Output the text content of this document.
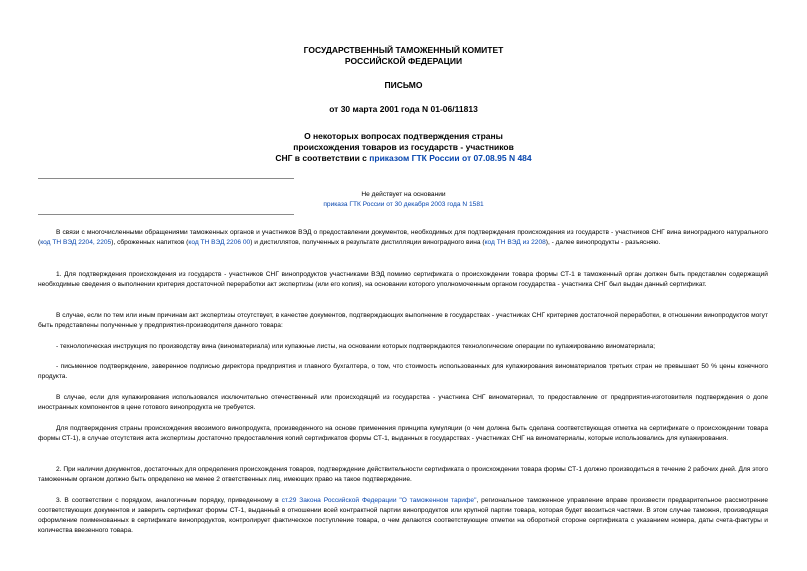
ГОСУДАРСТВЕННЫЙ ТАМОЖЕННЫЙ КОМИТЕТ
РОССИЙСКОЙ ФЕДЕРАЦИИ
ПИСЬМО
от 30 марта 2001 года N 01-06/11813
О некоторых вопросах подтверждения страны
происхождения товаров из государств - участников
СНГ в соответствии с приказом ГТК России от 07.08.95 N 484
Не действует на основании
приказа ГТК России от 30 декабря 2003 года N 1581

В связи с многочисленными обращениями таможенных органов и участников ВЭД о предоставлении документов, необходимых для подтверждения происхождения из государств - участников СНГ вина виноградного натурального (код ТН ВЭД 2204, 2205), сброженных напитков (код ТН ВЭД 2206 00) и дистиллятов, полученных в результате дистилляции виноградного вина (код ТН ВЭД из 2208), - далее винопродукты - разъясняю.

1. Для подтверждения происхождения из государств - участников СНГ винопродуктов участниками ВЭД помимо сертификата о происхождении товара формы СТ-1 в таможенный орган должен быть представлен содержащий необходимые сведения о выполнении критерия достаточной переработки акт экспертизы (или его копия), на основании которого уполномоченным органом государства - участника СНГ был выдан данный сертификат.

В случае, если по тем или иным причинам акт экспертизы отсутствует, в качестве документов, подтверждающих выполнение в государствах - участниках СНГ критериев достаточной переработки, в отношении винопродуктов могут быть представлены полученные у предприятия-производителя данного товара:

- технологическая инструкция по производству вина (виноматериала) или купажные листы, на основании которых подтверждаются технологические операции по купажированию виноматериала;

- письменное подтверждение, заверенное подписью директора предприятия и главного бухгалтера, о том, что стоимость использованных для купажирования виноматериалов третьих стран не превышает 50 % цены конечного продукта.

В случае, если для купажирования использовался исключительно отечественный или происходящий из государства - участника СНГ виноматериал, то предоставление от предприятия-изготовителя подтверждения о доле иностранных компонентов в цене готового винопродукта не требуется.

Для подтверждения страны происхождения ввозимого винопродукта, произведенного на основе применения принципа кумуляции (о чем должна быть сделана соответствующая отметка на сертификате о происхождении товара формы СТ-1), в случае отсутствия акта экспертизы достаточно предоставления копий сертификатов формы СТ-1, выданных в государствах - участниках СНГ на виноматериалы, которые использовались для купажирования.

2. При наличии документов, достаточных для определения происхождения товаров, подтверждение действительности сертификата о происхождении товара формы СТ-1 должно производиться в течение 2 рабочих дней. Для этого таможенным органом должно быть определено не менее 2 ответственных лиц, имеющих право на такое подтверждение.

3. В соответствии с порядком, аналогичным порядку, приведенному в ст.29 Закона Российской Федерации "О таможенном тарифе", региональное таможенное управление вправе произвести предварительное рассмотрение соответствующих документов и заверить сертификат формы СТ-1, выданный в отношении всей контрактной партии винопродуктов или крупной партии товара, которая будет ввозиться частями. В этом случае таможня, производящая оформление поименованных в сертификате винопродуктов, контролирует фактическое поступление товара, о чем делаются соответствующие отметки на оборотной стороне сертификата с указанием номера, даты счета-фактуры и количества ввезенного товара.
